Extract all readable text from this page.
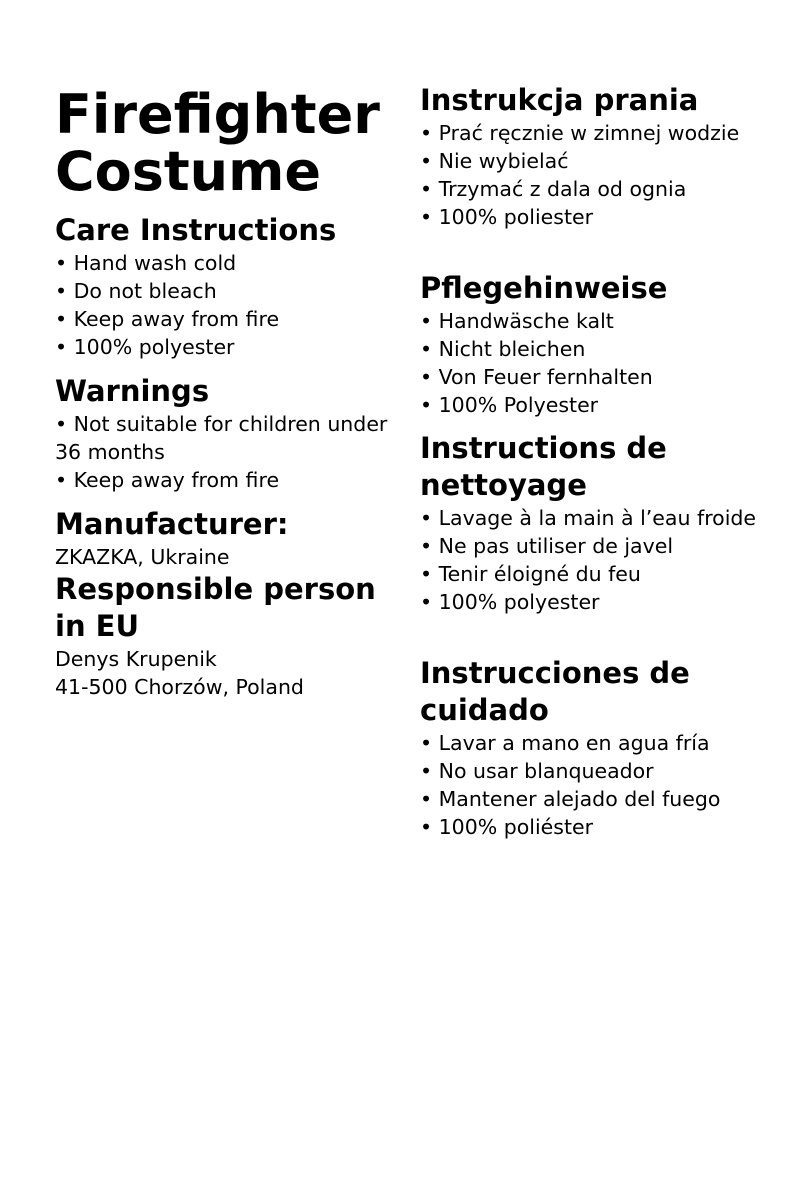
Firefighter Costume
Care Instructions
• Hand wash cold
• Do not bleach
• Keep away from fire
• 100% polyester
Warnings
• Not suitable for children under 36 months
• Keep away from fire
Manufacturer:

ZKAZKA, Ukraine

Responsible person in EU

Denys Krupenik

41-500 Chorzów, Poland

Instrukcja prania
• Prać ręcznie w zimnej wodzie
• Nie wybielać
• Trzymać z dala od ognia
• 100% poliester
Pflegehinweise
• Handwäsche kalt
• Nicht bleichen
• Von Feuer fernhalten
• 100% Polyester
Instructions de nettoyage
• Lavage à la main à l’eau froide
• Ne pas utiliser de javel
• Tenir éloigné du feu
• 100% polyester
Instrucciones de cuidado
• Lavar a mano en agua fría
• No usar blanqueador
• Mantener alejado del fuego
• 100% poliéster
